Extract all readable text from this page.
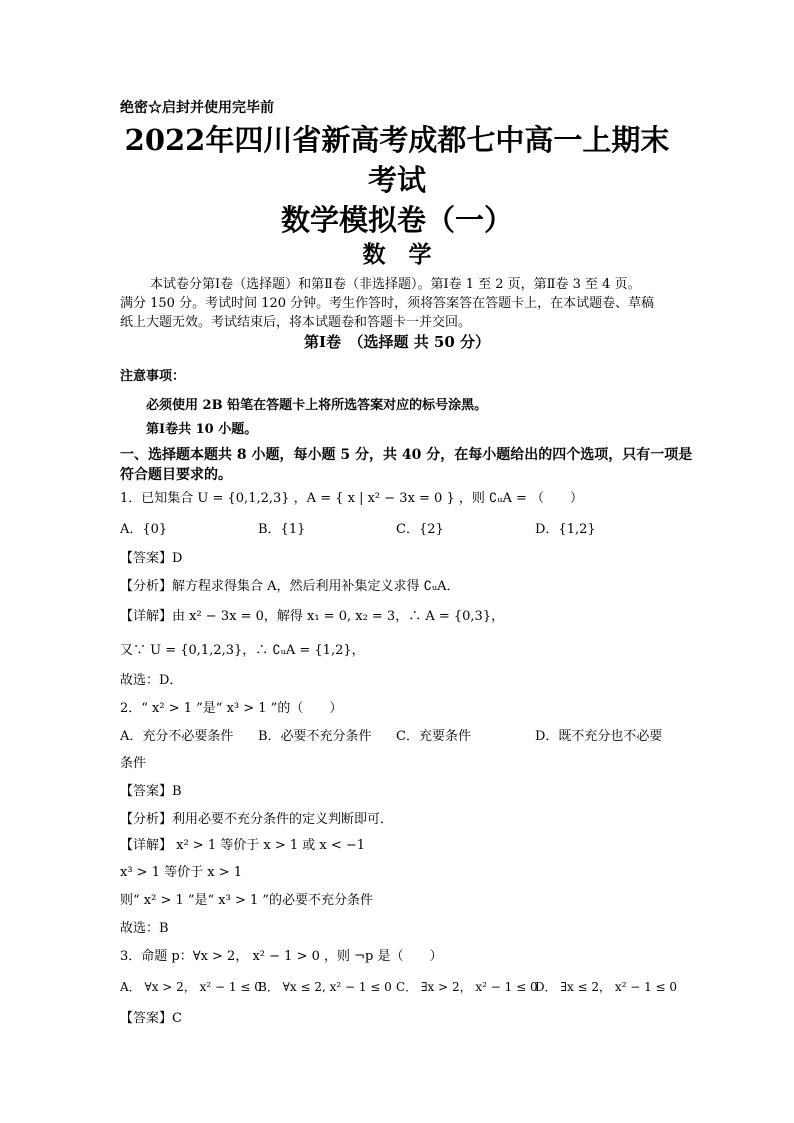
绝密☆启封并使用完毕前
2022年四川省新高考成都七中高一上期末
考试
数学模拟卷（一）
数　学
本试卷分第Ⅰ卷（选择题）和第Ⅱ卷（非选择题）。第Ⅰ卷 1 至 2 页，第Ⅱ卷 3 至 4 页。
满分 150 分。考试时间 120 分钟。考生作答时，须将答案答在答题卡上，在本试题卷、草稿
纸上大题无效。考试结束后，将本试题卷和答题卡一并交回。
第Ⅰ卷　（选择题 共 50 分）
注意事项：
必须使用 2B 铅笔在答题卡上将所选答案对应的标号涂黑。
第Ⅰ卷共 10 小题。
一、选择题本题共 8 小题，每小题 5 分，共 40 分，在每小题给出的四个选项，只有一项是
符合题目要求的。
1．已知集合 U = {0,1,2,3} ，A = { x | x² − 3x = 0 } ，则 ∁ᵤA = （　　）
A．{0}	B．{1}	C．{2}	D．{1,2}
【答案】D
【分析】解方程求得集合 A，然后利用补集定义求得 ∁ᵤA．
【详解】由 x² − 3x = 0，解得 x₁ = 0, x₂ = 3，∴ A = {0,3}，
又∵ U = {0,1,2,3}，∴ ∁ᵤA = {1,2}，
故选：D．
2．“ x² > 1 ”是“ x³ > 1 ”的（　　）
A．充分不必要条件 B．必要不充分条件 C．充要条件	D．既不充分也不必要
条件
【答案】B
【分析】利用必要不充分条件的定义判断即可．
【详解】 x² > 1 等价于 x > 1 或 x < −1
x³ > 1 等价于 x > 1
则“ x² > 1 ”是“ x³ > 1 ”的必要不充分条件
故选：B
3．命题 p：∀x > 2， x² − 1 > 0 ，则 ¬p 是（　　）
A． ∀x > 2， x² − 1 ≤ 0
B． ∀x ≤ 2, x² − 1 ≤ 0 C． ∃x > 2， x² − 1 ≤ 0
D． ∃x ≤ 2， x² − 1 ≤ 0
【答案】C
